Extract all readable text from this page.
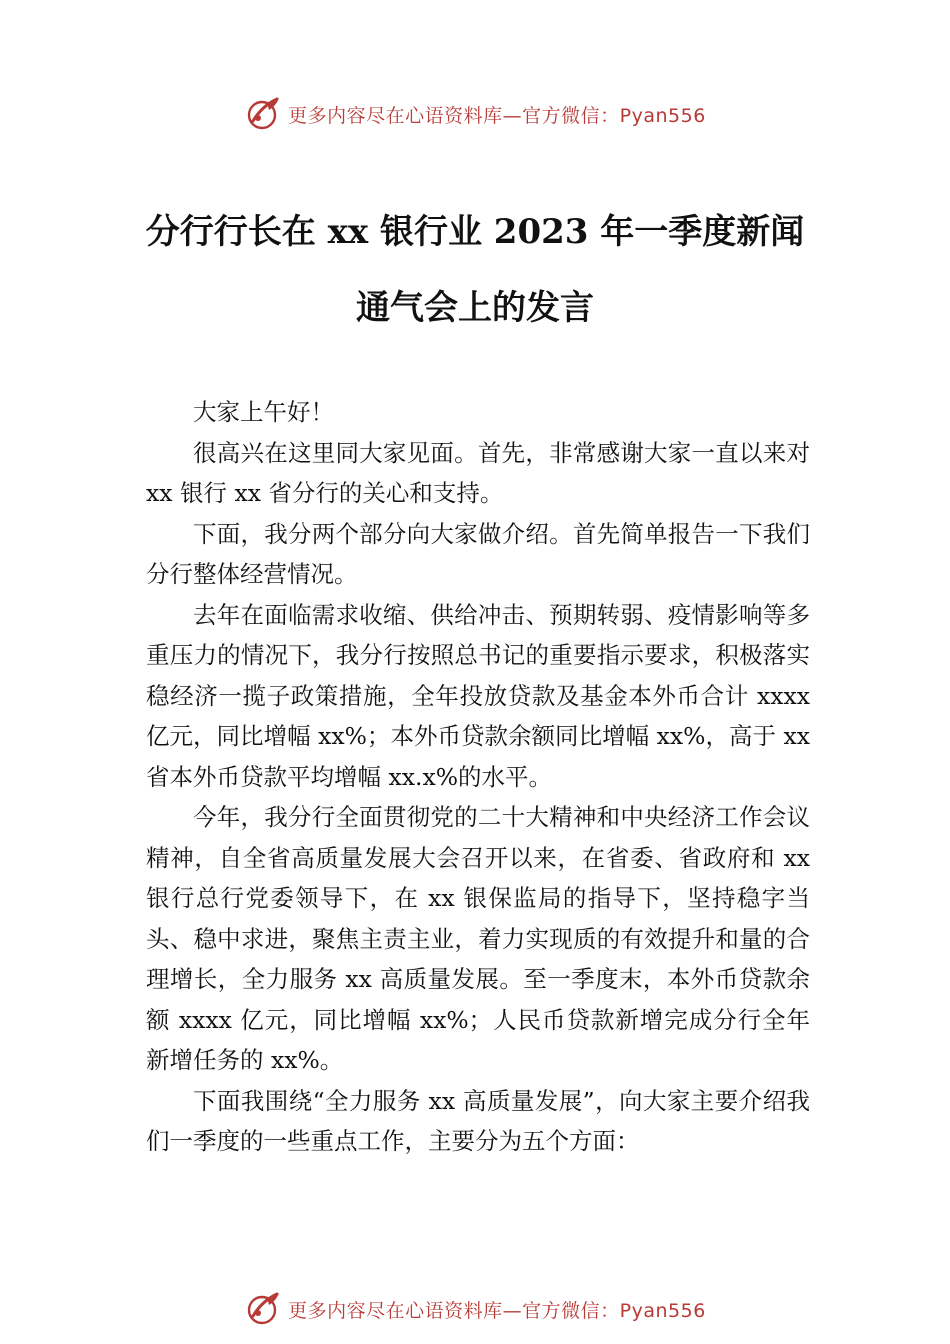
更多内容尽在心语资料库—官方微信：Pyan556
分行行长在 xx 银行业 2023 年一季度新闻
通气会上的发言

大家上午好！

很高兴在这里同大家见面。首先，非常感谢大家一直以来对 xx 银行 xx 省分行的关心和支持。

下面，我分两个部分向大家做介绍。首先简单报告一下我们分行整体经营情况。

去年在面临需求收缩、供给冲击、预期转弱、疫情影响等多重压力的情况下，我分行按照总书记的重要指示要求，积极落实稳经济一揽子政策措施，全年投放贷款及基金本外币合计 xxxx 亿元，同比增幅 xx%；本外币贷款余额同比增幅 xx%，高于 xx 省本外币贷款平均增幅 xx.x%的水平。

今年，我分行全面贯彻党的二十大精神和中央经济工作会议精神，自全省高质量发展大会召开以来，在省委、省政府和 xx 银行总行党委领导下，在 xx 银保监局的指导下，坚持稳字当头、稳中求进，聚焦主责主业，着力实现质的有效提升和量的合理增长，全力服务 xx 高质量发展。至一季度末，本外币贷款余额 xxxx 亿元，同比增幅 xx%；人民币贷款新增完成分行全年新增任务的 xx%。

下面我围绕“全力服务 xx 高质量发展”，向大家主要介绍我们一季度的一些重点工作，主要分为五个方面：

更多内容尽在心语资料库—官方微信：Pyan556
